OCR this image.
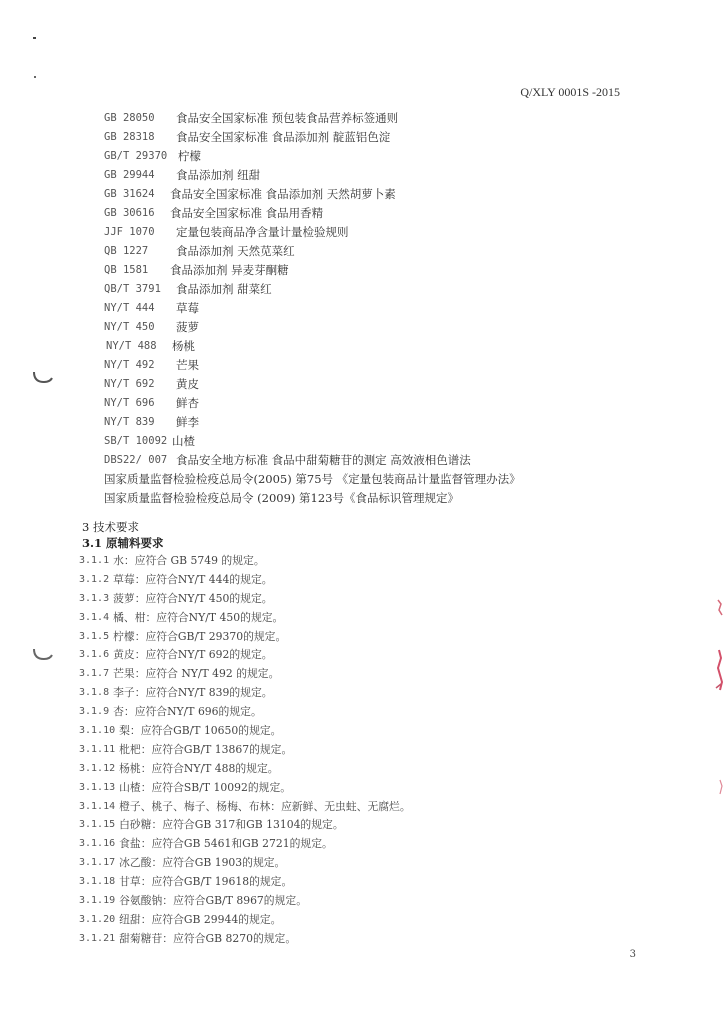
Q/XLY 0001S -2015
GB 28050	食品安全国家标准 预包装食品营养标签通则
GB 28318	食品安全国家标准 食品添加剂 靛蓝铝色淀
GB/T 29370 柠檬
GB 29944	食品添加剂 纽甜
GB 31624	食品安全国家标准 食品添加剂 天然胡萝卜素
GB 30616	食品安全国家标准 食品用香精
JJF 1070	定量包装商品净含量计量检验规则
QB 1227	食品添加剂 天然苋菜红
QB 1581	食品添加剂 异麦芽酮糖
QB/T 3791	食品添加剂 甜菜红
NY/T 444	草莓
NY/T 450	菠萝
NY/T 488	杨桃
NY/T 492	芒果
NY/T 692	黄皮
NY/T 696	鲜杏
NY/T 839	鲜李
SB/T 10092 山楂
DBS22/ 007 食品安全地方标准 食品中甜菊糖苷的测定 高效液相色谱法
国家质量监督检验检疫总局令(2005) 第75号 《定量包装商品计量监督管理办法》
国家质量监督检验检疫总局令 (2009) 第123号《食品标识管理规定》
3 技术要求
3.1 原辅料要求
3.1.1 水：应符合 GB 5749 的规定。
3.1.2 草莓：应符合NY/T 444的规定。
3.1.3 菠萝：应符合NY/T 450的规定。
3.1.4 橘、柑：应符合NY/T 450的规定。
3.1.5 柠檬：应符合GB/T 29370的规定。
3.1.6 黄皮：应符合NY/T 692的规定。
3.1.7 芒果：应符合 NY/T 492 的规定。
3.1.8 李子：应符合NY/T 839的规定。
3.1.9 杏：应符合NY/T 696的规定。
3.1.10 梨：应符合GB/T 10650的规定。
3.1.11 枇杷：应符合GB/T 13867的规定。
3.1.12 杨桃：应符合NY/T 488的规定。
3.1.13 山楂：应符合SB/T 10092的规定。
3.1.14 橙子、桃子、梅子、杨梅、布林：应新鲜、无虫蛀、无腐烂。
3.1.15 白砂糖：应符合GB 317和GB 13104的规定。
3.1.16 食盐：应符合GB 5461和GB 2721的规定。
3.1.17 冰乙酸：应符合GB 1903的规定。
3.1.18 甘草：应符合GB/T 19618的规定。
3.1.19 谷氨酸钠：应符合GB/T 8967的规定。
3.1.20 纽甜：应符合GB 29944的规定。
3.1.21 甜菊糖苷：应符合GB 8270的规定。
3
